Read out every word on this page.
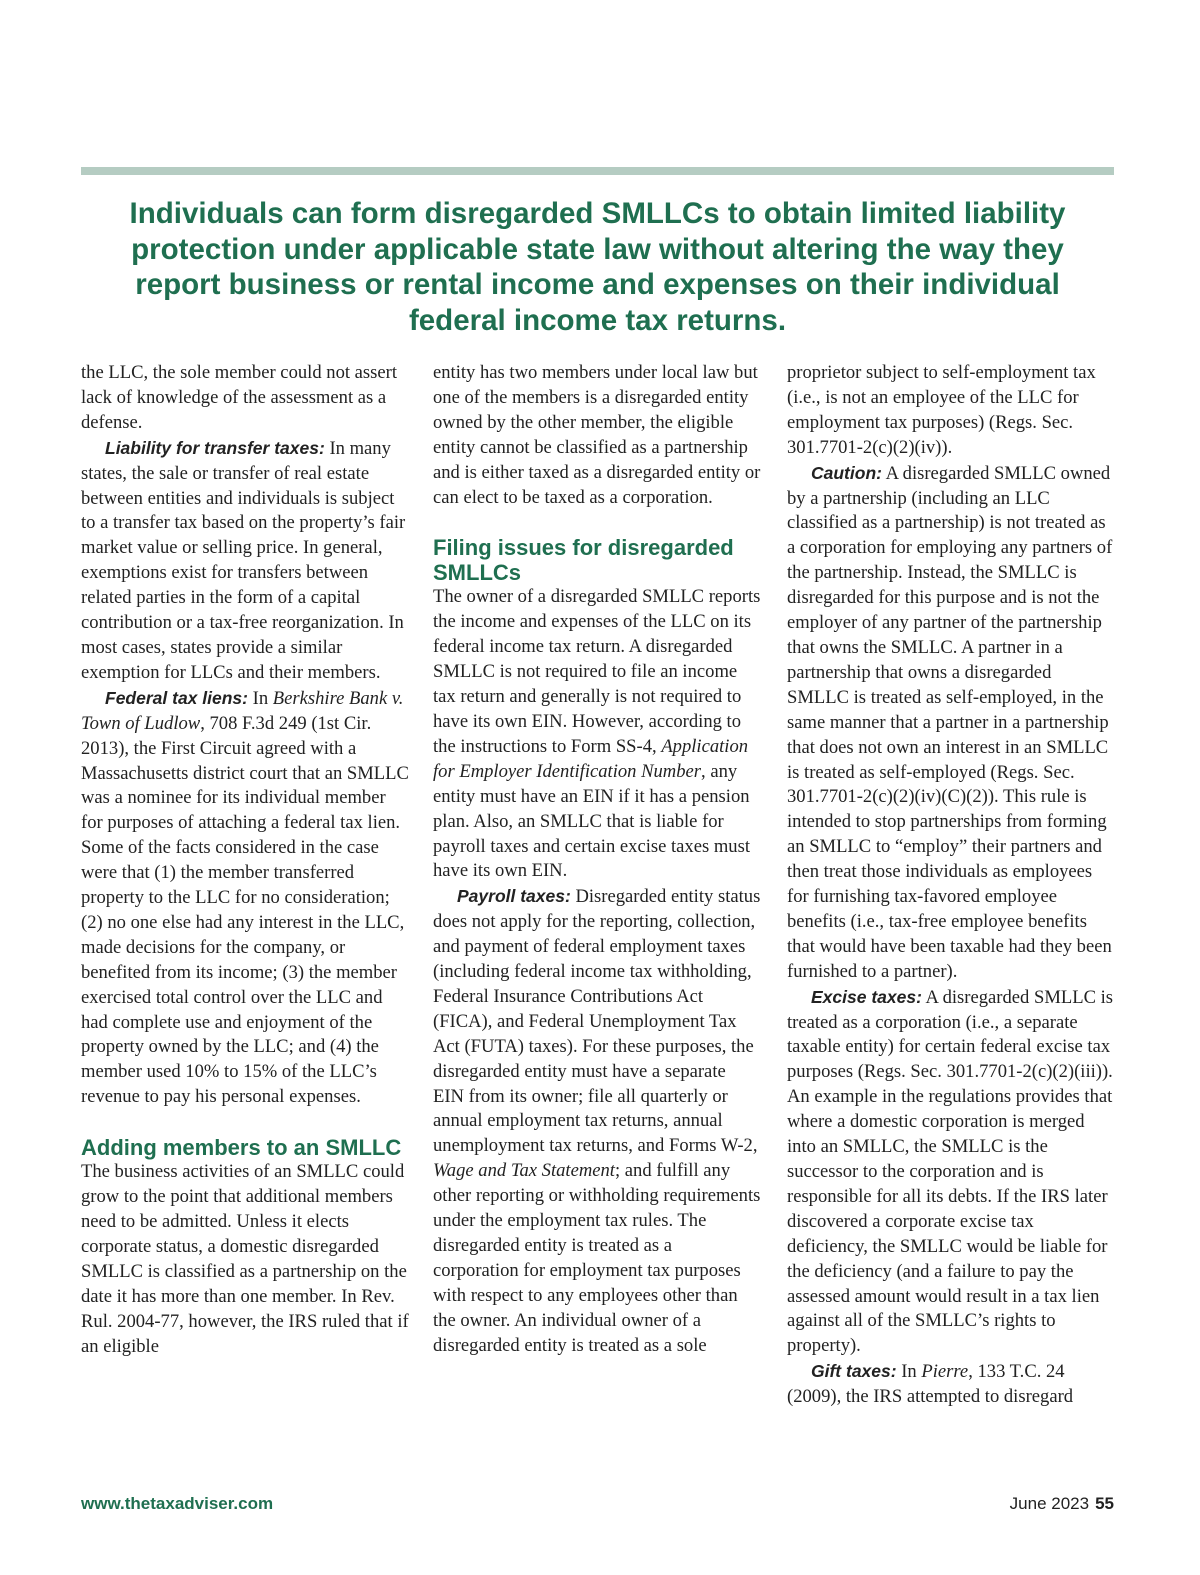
Individuals can form disregarded SMLLCs to obtain limited liability protection under applicable state law without altering the way they report business or rental income and expenses on their individual federal income tax returns.

the LLC, the sole member could not assert lack of knowledge of the assessment as a defense.

Liability for transfer taxes: In many states, the sale or transfer of real estate between entities and individuals is subject to a transfer tax based on the property’s fair market value or selling price. In general, exemptions exist for transfers between related parties in the form of a capital contribution or a tax-free reorganization. In most cases, states provide a similar exemption for LLCs and their members.

Federal tax liens: In Berkshire Bank v. Town of Ludlow, 708 F.3d 249 (1st Cir. 2013), the First Circuit agreed with a Massachusetts district court that an SMLLC was a nominee for its individual member for purposes of attaching a federal tax lien. Some of the facts considered in the case were that (1) the member transferred property to the LLC for no consideration; (2) no one else had any interest in the LLC, made decisions for the company, or benefited from its income; (3) the member exercised total control over the LLC and had complete use and enjoyment of the property owned by the LLC; and (4) the member used 10% to 15% of the LLC’s revenue to pay his personal expenses.

Adding members to an SMLLC

The business activities of an SMLLC could grow to the point that additional members need to be admitted. Unless it elects corporate status, a domestic disregarded SMLLC is classified as a partnership on the date it has more than one member. In Rev. Rul. 2004-77, however, the IRS ruled that if an eligible

entity has two members under local law but one of the members is a disregarded entity owned by the other member, the eligible entity cannot be classified as a partnership and is either taxed as a disregarded entity or can elect to be taxed as a corporation.

Filing issues for disregarded SMLLCs

The owner of a disregarded SMLLC reports the income and expenses of the LLC on its federal income tax return. A disregarded SMLLC is not required to file an income tax return and generally is not required to have its own EIN. However, according to the instructions to Form SS-4, Application for Employer Identification Number, any entity must have an EIN if it has a pension plan. Also, an SMLLC that is liable for payroll taxes and certain excise taxes must have its own EIN.

Payroll taxes: Disregarded entity status does not apply for the reporting, collection, and payment of federal employment taxes (including federal income tax withholding, Federal Insurance Contributions Act (FICA), and Federal Unemployment Tax Act (FUTA) taxes). For these purposes, the disregarded entity must have a separate EIN from its owner; file all quarterly or annual employment tax returns, annual unemployment tax returns, and Forms W-2, Wage and Tax Statement; and fulfill any other reporting or withholding requirements under the employment tax rules. The disregarded entity is treated as a corporation for employment tax purposes with respect to any employees other than the owner. An individual owner of a disregarded entity is treated as a sole

proprietor subject to self-employment tax (i.e., is not an employee of the LLC for employment tax purposes) (Regs. Sec. 301.7701-2(c)(2)(iv)).

Caution: A disregarded SMLLC owned by a partnership (including an LLC classified as a partnership) is not treated as a corporation for employing any partners of the partnership. Instead, the SMLLC is disregarded for this purpose and is not the employer of any partner of the partnership that owns the SMLLC. A partner in a partnership that owns a disregarded SMLLC is treated as self-employed, in the same manner that a partner in a partnership that does not own an interest in an SMLLC is treated as self-employed (Regs. Sec. 301.7701-2(c)(2)(iv)(C)(2)). This rule is intended to stop partnerships from forming an SMLLC to “employ” their partners and then treat those individuals as employees for furnishing tax-favored employee benefits (i.e., tax-free employee benefits that would have been taxable had they been furnished to a partner).

Excise taxes: A disregarded SMLLC is treated as a corporation (i.e., a separate taxable entity) for certain federal excise tax purposes (Regs. Sec. 301.7701-2(c)(2)(iii)). An example in the regulations provides that where a domestic corporation is merged into an SMLLC, the SMLLC is the successor to the corporation and is responsible for all its debts. If the IRS later discovered a corporate excise tax deficiency, the SMLLC would be liable for the deficiency (and a failure to pay the assessed amount would result in a tax lien against all of the SMLLC’s rights to property).

Gift taxes: In Pierre, 133 T.C. 24 (2009), the IRS attempted to disregard

www.thetaxadviser.com	June 2023 55
